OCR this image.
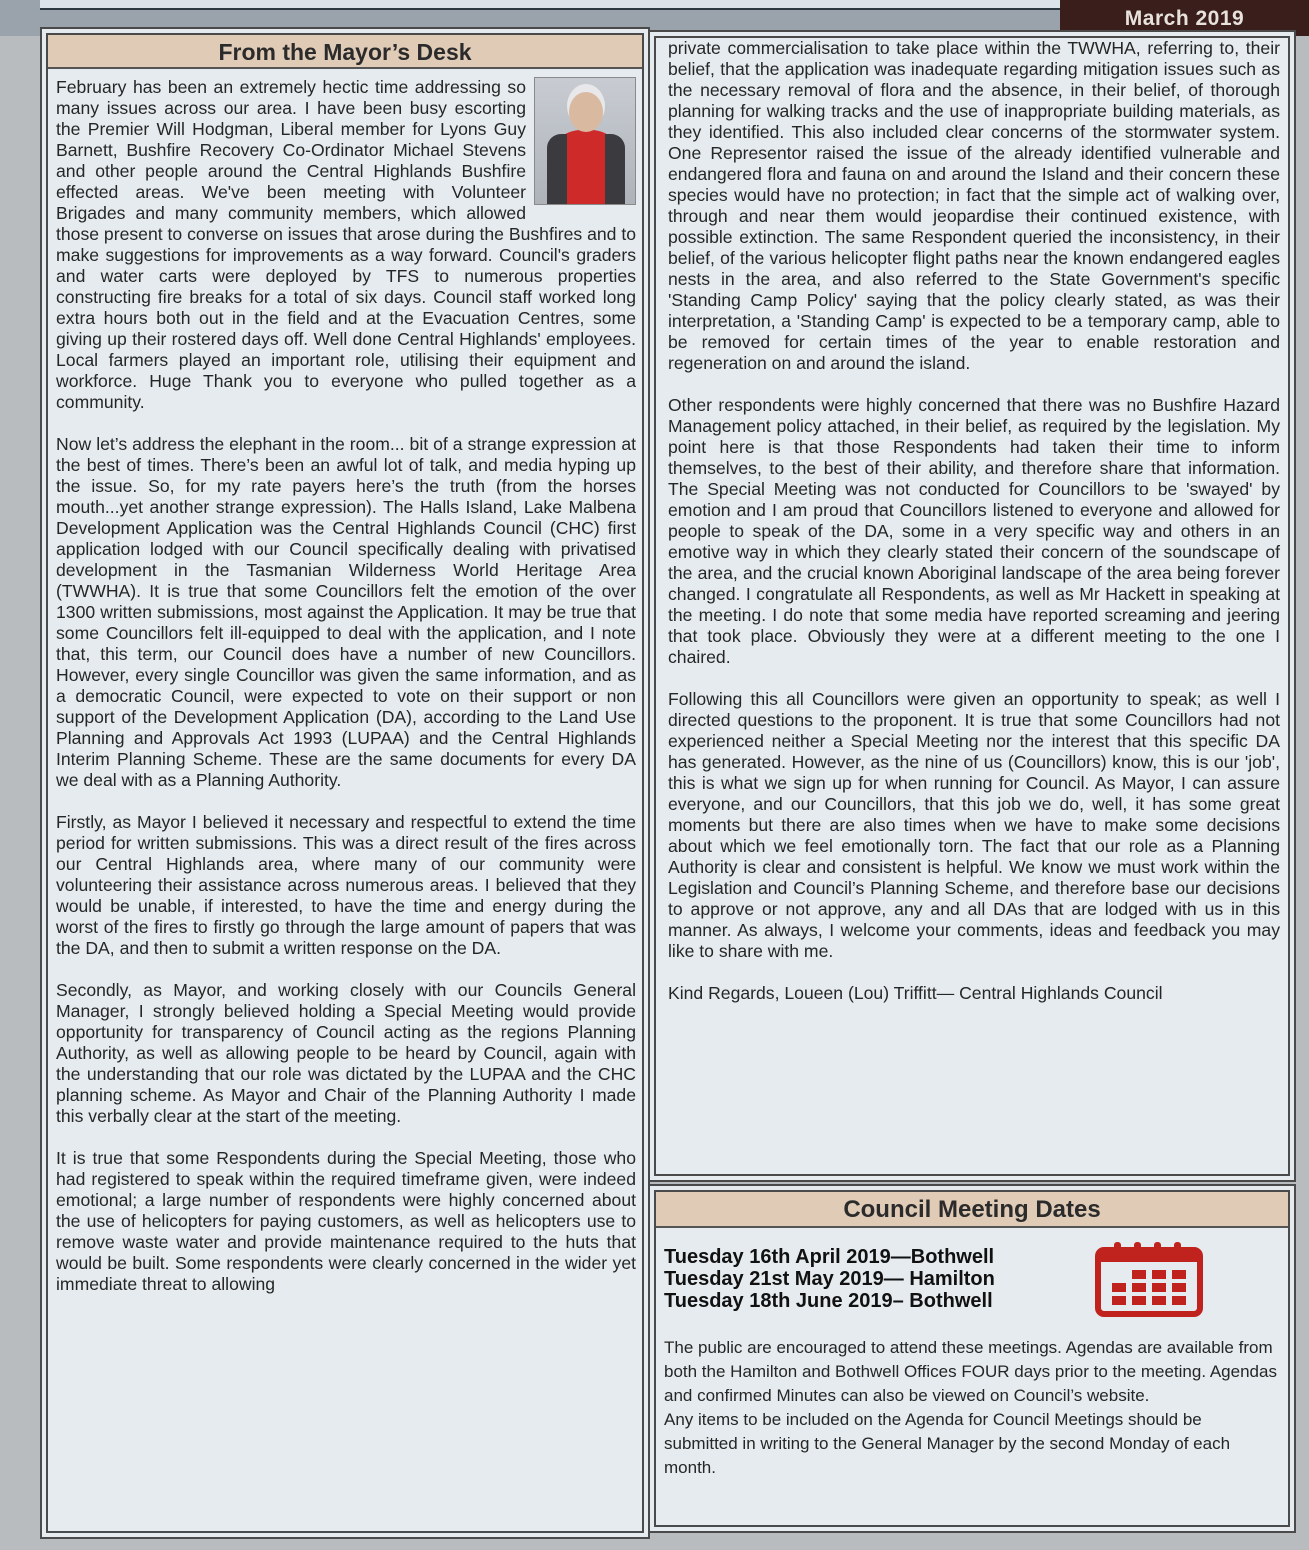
March 2019
From the Mayor’s Desk

February has been an extremely hectic time addressing so many issues across our area. I have been busy escorting the Premier Will Hodgman, Liberal member for Lyons Guy Barnett, Bushfire Recovery Co-Ordinator Michael Stevens and other people around the Central Highlands Bushfire effected areas. We've been meeting with Volunteer Brigades and many community members, which allowed those present to converse on issues that arose during the Bushfires and to make suggestions for improvements as a way forward. Council's graders and water carts were deployed by TFS to numerous properties constructing fire breaks for a total of six days. Council staff worked long extra hours both out in the field and at the Evacuation Centres, some giving up their rostered days off. Well done Central Highlands' employees. Local farmers played an important role, utilising their equipment and workforce. Huge Thank you to everyone who pulled together as a community.

Now let’s address the elephant in the room... bit of a strange expression at the best of times. There’s been an awful lot of talk, and media hyping up the issue. So, for my rate payers here’s the truth (from the horses mouth...yet another strange expression). The Halls Island, Lake Malbena Development Application was the Central Highlands Council (CHC) first application lodged with our Council specifically dealing with privatised development in the Tasmanian Wilderness World Heritage Area (TWWHA). It is true that some Councillors felt the emotion of the over 1300 written submissions, most against the Application. It may be true that some Councillors felt ill-equipped to deal with the application, and I note that, this term, our Council does have a number of new Councillors. However, every single Councillor was given the same information, and as a democratic Council, were expected to vote on their support or non support of the Development Application (DA), according to the Land Use Planning and Approvals Act 1993 (LUPAA) and the Central Highlands Interim Planning Scheme. These are the same documents for every DA we deal with as a Planning Authority.

Firstly, as Mayor I believed it necessary and respectful to extend the time period for written submissions. This was a direct result of the fires across our Central Highlands area, where many of our community were volunteering their assistance across numerous areas. I believed that they would be unable, if interested, to have the time and energy during the worst of the fires to firstly go through the large amount of papers that was the DA, and then to submit a written response on the DA.

Secondly, as Mayor, and working closely with our Councils General Manager, I strongly believed holding a Special Meeting would provide opportunity for transparency of Council acting as the regions Planning Authority, as well as allowing people to be heard by Council, again with the understanding that our role was dictated by the LUPAA and the CHC planning scheme. As Mayor and Chair of the Planning Authority I made this verbally clear at the start of the meeting.

It is true that some Respondents during the Special Meeting, those who had registered to speak within the required timeframe given, were indeed emotional; a large number of respondents were highly concerned about the use of helicopters for paying customers, as well as helicopters use to remove waste water and provide maintenance required to the huts that would be built. Some respondents were clearly concerned in the wider yet immediate threat to allowing

private commercialisation to take place within the TWWHA, referring to, their belief, that the application was inadequate regarding mitigation issues such as the necessary removal of flora and the absence, in their belief, of thorough planning for walking tracks and the use of inappropriate building materials, as they identified. This also included clear concerns of the stormwater system. One Representor raised the issue of the already identified vulnerable and endangered flora and fauna on and around the Island and their concern these species would have no protection; in fact that the simple act of walking over, through and near them would jeopardise their continued existence, with possible extinction. The same Respondent queried the inconsistency, in their belief, of the various helicopter flight paths near the known endangered eagles nests in the area, and also referred to the State Government's specific 'Standing Camp Policy' saying that the policy clearly stated, as was their interpretation, a 'Standing Camp' is expected to be a temporary camp, able to be removed for certain times of the year to enable restoration and regeneration on and around the island.

Other respondents were highly concerned that there was no Bushfire Hazard Management policy attached, in their belief, as required by the legislation. My point here is that those Respondents had taken their time to inform themselves, to the best of their ability, and therefore share that information. The Special Meeting was not conducted for Councillors to be 'swayed' by emotion and I am proud that Councillors listened to everyone and allowed for people to speak of the DA, some in a very specific way and others in an emotive way in which they clearly stated their concern of the soundscape of the area, and the crucial known Aboriginal landscape of the area being forever changed. I congratulate all Respondents, as well as Mr Hackett in speaking at the meeting. I do note that some media have reported screaming and jeering that took place. Obviously they were at a different meeting to the one I chaired.

Following this all Councillors were given an opportunity to speak; as well I directed questions to the proponent. It is true that some Councillors had not experienced neither a Special Meeting nor the interest that this specific DA has generated. However, as the nine of us (Councillors) know, this is our 'job', this is what we sign up for when running for Council. As Mayor, I can assure everyone, and our Councillors, that this job we do, well, it has some great moments but there are also times when we have to make some decisions about which we feel emotionally torn. The fact that our role as a Planning Authority is clear and consistent is helpful. We know we must work within the Legislation and Council’s Planning Scheme, and therefore base our decisions to approve or not approve, any and all DAs that are lodged with us in this manner. As always, I welcome your comments, ideas and feedback you may like to share with me.

Kind Regards, Loueen (Lou) Triffitt— Central Highlands Council

Council Meeting Dates
Tuesday 16th April 2019—Bothwell
Tuesday 21st May 2019— Hamilton
Tuesday 18th June 2019– Bothwell

The public are encouraged to attend these meetings. Agendas are available from both the Hamilton and Bothwell Offices FOUR days prior to the meeting. Agendas and confirmed Minutes can also be viewed on Council’s website.

Any items to be included on the Agenda for Council Meetings should be submitted in writing to the General Manager by the second Monday of each month.
